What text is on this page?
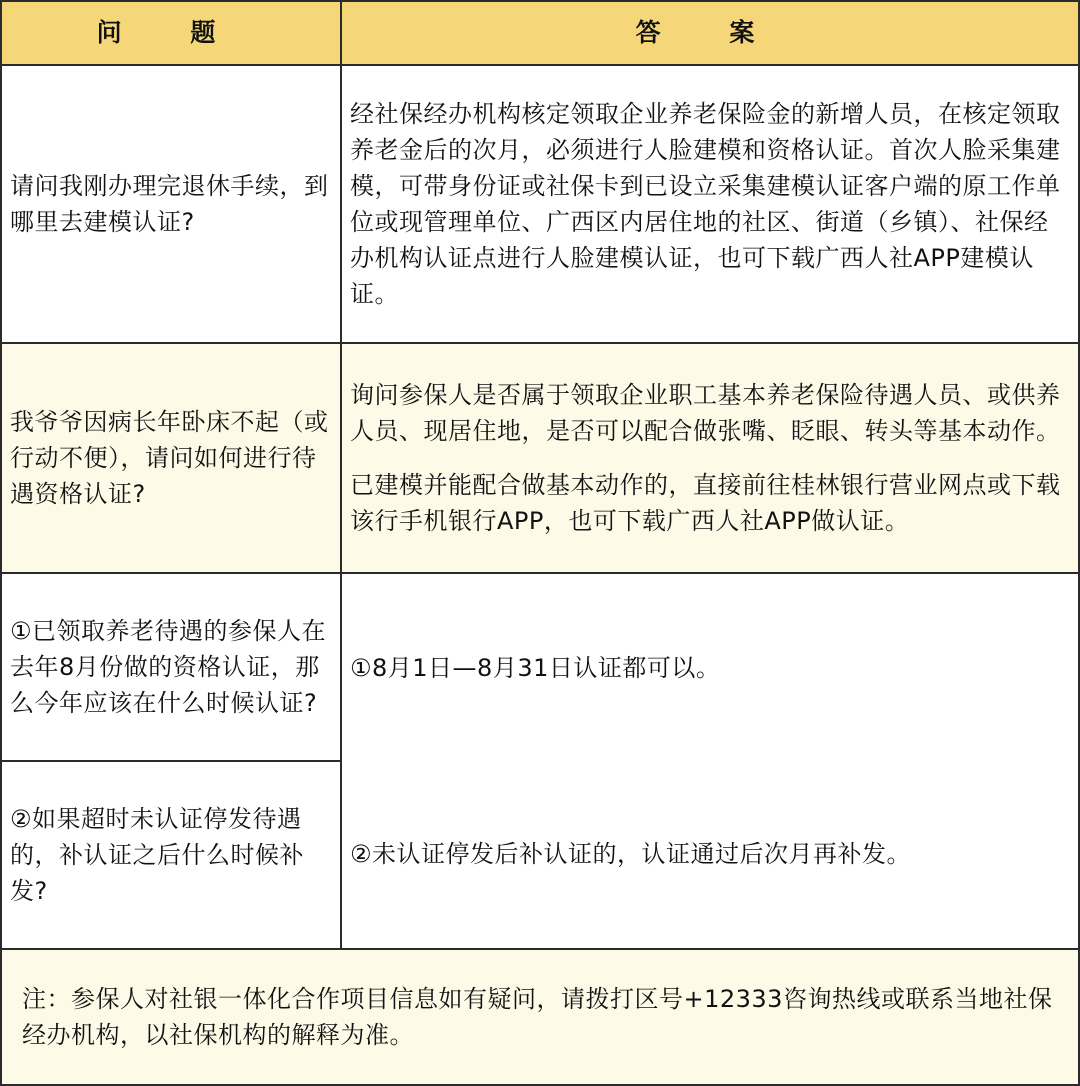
问 题	答 案
请问我刚办理完退休手续，到哪里去建模认证?
经社保经办机构核定领取企业养老保险金的新增人员，在核定领取养老金后的次月，必须进行人脸建模和资格认证。首次人脸采集建模，可带身份证或社保卡到已设立采集建模认证客户端的原工作单位或现管理单位、广西区内居住地的社区、街道（乡镇）、社保经办机构认证点进行人脸建模认证，也可下载广西人社APP建模认证。
我爷爷因病长年卧床不起（或行动不便），请问如何进行待遇资格认证?
询问参保人是否属于领取企业职工基本养老保险待遇人员、或供养人员、现居住地，是否可以配合做张嘴、眨眼、转头等基本动作。
已建模并能配合做基本动作的，直接前往桂林银行营业网点或下载该行手机银行APP，也可下载广西人社APP做认证。
①已领取养老待遇的参保人在去年8月份做的资格认证，那么今年应该在什么时候认证?
①8月1日—8月31日认证都可以。
②如果超时未认证停发待遇的，补认证之后什么时候补发?
②未认证停发后补认证的，认证通过后次月再补发。
注：参保人对社银一体化合作项目信息如有疑问，请拨打区号+12333咨询热线或联系当地社保经办机构，以社保机构的解释为准。
